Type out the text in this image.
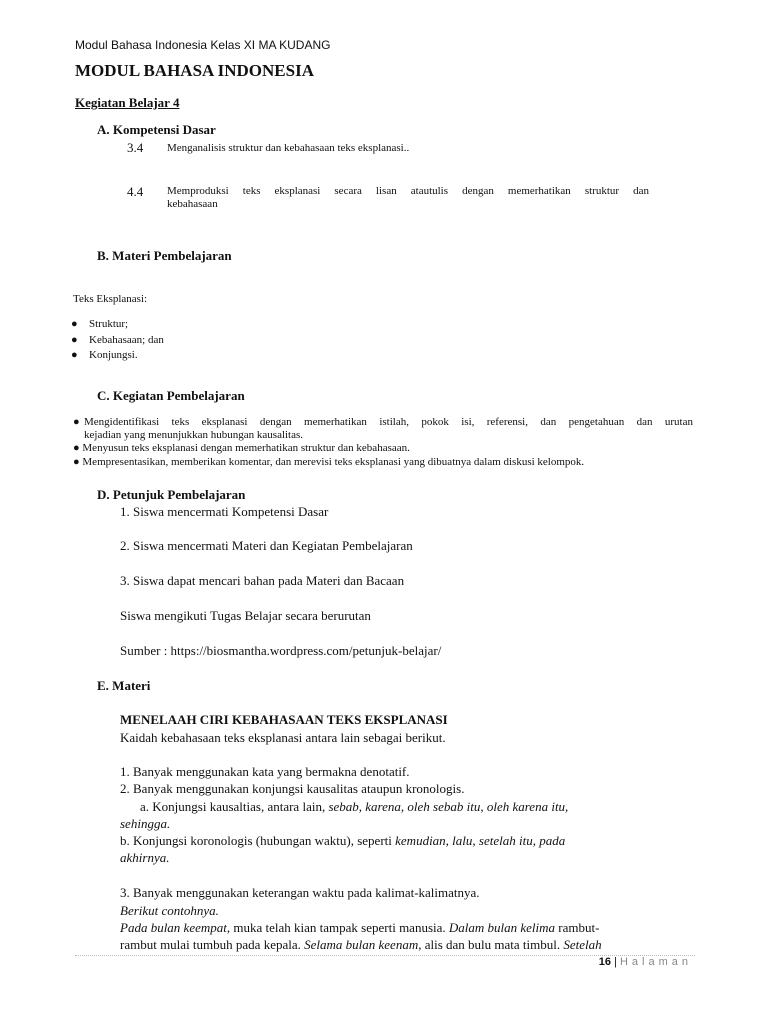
Modul Bahasa Indonesia Kelas XI MA KUDANG
MODUL BAHASA INDONESIA
Kegiatan Belajar 4
A. Kompetensi Dasar
3.4 Menganalisis struktur dan kebahasaan teks eksplanasi..
4.4 Memproduksi teks eksplanasi secara lisan atautulis dengan memerhatikan struktur dan
kebahasaan
B. Materi Pembelajaran
Teks Eksplanasi:
● Struktur;
● Kebahasaan; dan
● Konjungsi.
C. Kegiatan Pembelajaran
● Mengidentifikasi teks eksplanasi dengan memerhatikan istilah, pokok isi, referensi, dan pengetahuan dan urutan
kejadian yang menunjukkan hubungan kausalitas.
● Menyusun teks eksplanasi dengan memerhatikan struktur dan kebahasaan.
● Mempresentasikan, memberikan komentar, dan merevisi teks eksplanasi yang dibuatnya dalam diskusi kelompok.
D. Petunjuk Pembelajaran
1. Siswa mencermati Kompetensi Dasar
2. Siswa mencermati Materi dan Kegiatan Pembelajaran
3. Siswa dapat mencari bahan pada Materi dan Bacaan
Siswa mengikuti Tugas Belajar secara berurutan
Sumber : https://biosmantha.wordpress.com/petunjuk-belajar/
E. Materi
MENELAAH CIRI KEBAHASAAN TEKS EKSPLANASI
Kaidah kebahasaan teks eksplanasi antara lain sebagai berikut.
1. Banyak menggunakan kata yang bermakna denotatif.
2. Banyak menggunakan konjungsi kausalitas ataupun kronologis.
a. Konjungsi kausaltias, antara lain, sebab, karena, oleh sebab itu, oleh karena itu,
sehingga.
b. Konjungsi koronologis (hubungan waktu), seperti kemudian, lalu, setelah itu, pada
akhirnya.
3. Banyak menggunakan keterangan waktu pada kalimat-kalimatnya.
Berikut contohnya.
Pada bulan keempat, muka telah kian tampak seperti manusia. Dalam bulan kelima rambut-
rambut mulai tumbuh pada kepala. Selama bulan keenam, alis dan bulu mata timbul. Setelah
16 | Halaman
